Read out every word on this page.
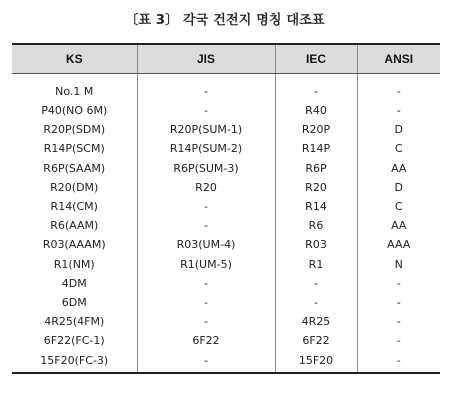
〔표 3〕 각국 건전지 명칭 대조표
KS	JIS	IEC	ANSI
No.1 M	-	-	-
P40(NO 6M)	-	R40	-
R20P(SDM)	R20P(SUM-1)	R20P	D
R14P(SCM)	R14P(SUM-2)	R14P	C
R6P(SAAM)	R6P(SUM-3)	R6P	AA
R20(DM)	R20	R20	D
R14(CM)	-	R14	C
R6(AAM)	-	R6	AA
R03(AAAM)	R03(UM-4)	R03	AAA
R1(NM)	R1(UM-5)	R1	N
4DM	-	-	-
6DM	-	-	-
4R25(4FM)	-	4R25	-
6F22(FC-1)	6F22	6F22	-
15F20(FC-3)	-	15F20	-
